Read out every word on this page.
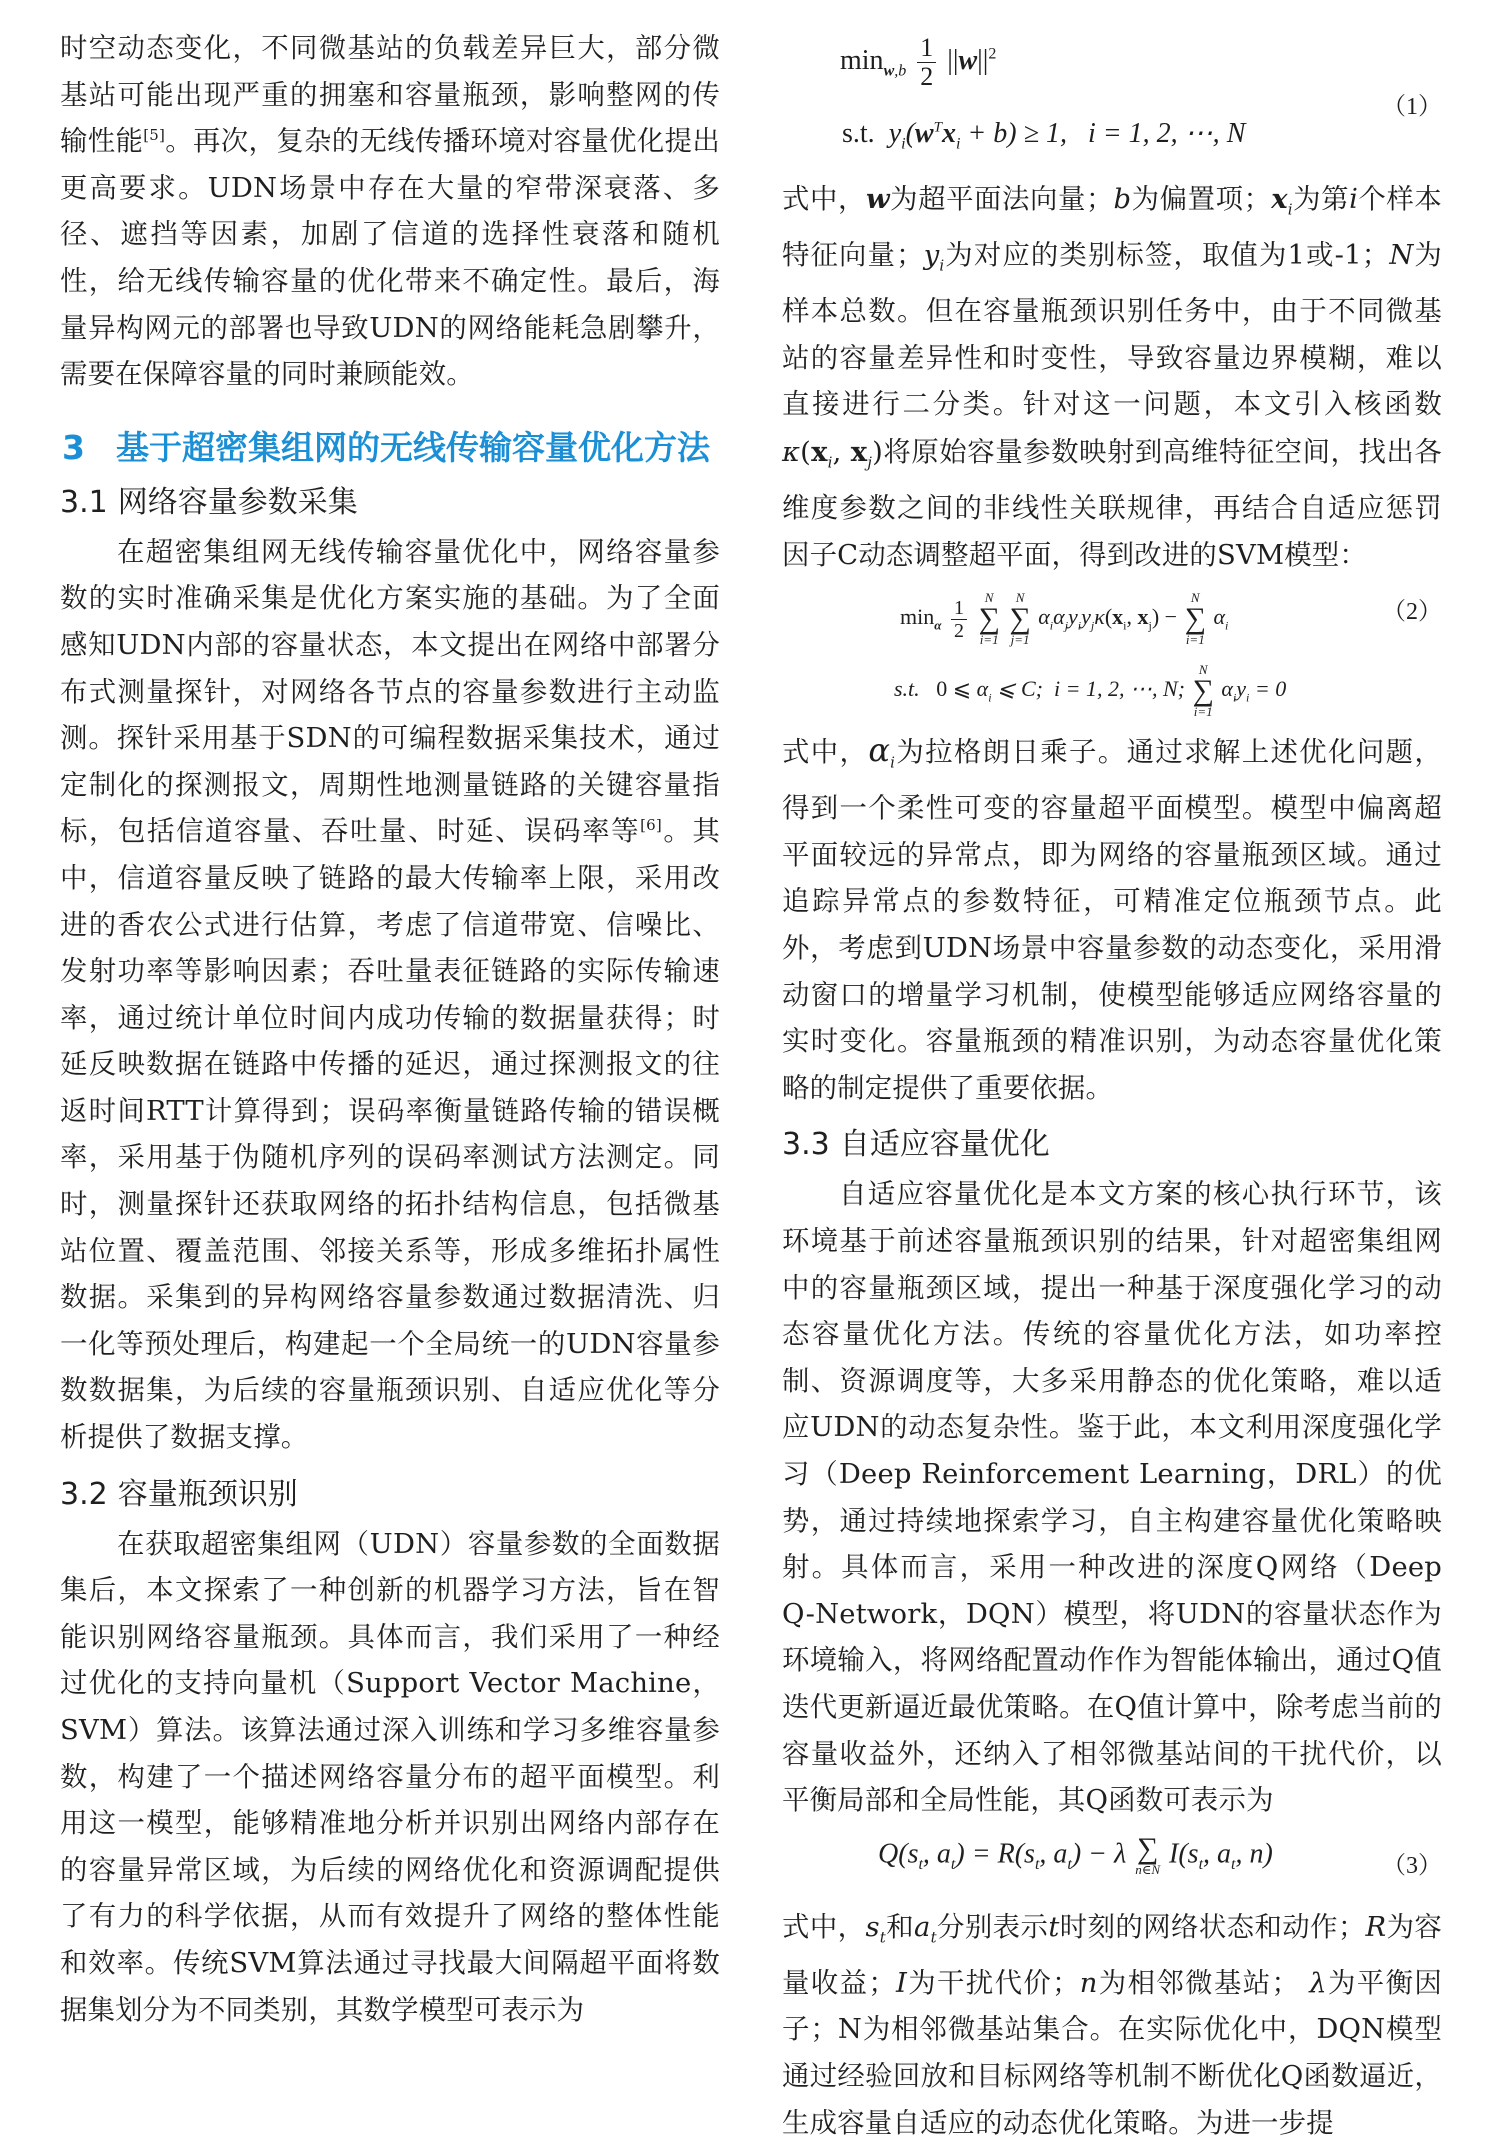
时空动态变化，不同微基站的负载差异巨大，部分微基站可能出现严重的拥塞和容量瓶颈，影响整网的传输性能[5]。再次，复杂的无线传播环境对容量优化提出更高要求。UDN场景中存在大量的窄带深衰落、多径、遮挡等因素，加剧了信道的选择性衰落和随机性，给无线传输容量的优化带来不确定性。最后，海量异构网元的部署也导致UDN的网络能耗急剧攀升，需要在保障容量的同时兼顾能效。

3 基于超密集组网的无线传输容量优化方法
3.1 网络容量参数采集

在超密集组网无线传输容量优化中，网络容量参数的实时准确采集是优化方案实施的基础。为了全面感知UDN内部的容量状态，本文提出在网络中部署分布式测量探针，对网络各节点的容量参数进行主动监测。探针采用基于SDN的可编程数据采集技术，通过定制化的探测报文，周期性地测量链路的关键容量指标，包括信道容量、吞吐量、时延、误码率等[6]。其中，信道容量反映了链路的最大传输率上限，采用改进的香农公式进行估算，考虑了信道带宽、信噪比、发射功率等影响因素；吞吐量表征链路的实际传输速率，通过统计单位时间内成功传输的数据量获得；时延反映数据在链路中传播的延迟，通过探测报文的往返时间RTT计算得到；误码率衡量链路传输的错误概率，采用基于伪随机序列的误码率测试方法测定。同时，测量探针还获取网络的拓扑结构信息，包括微基站位置、覆盖范围、邻接关系等，形成多维拓扑属性数据。采集到的异构网络容量参数通过数据清洗、归一化等预处理后，构建起一个全局统一的UDN容量参数数据集，为后续的容量瓶颈识别、自适应优化等分析提供了数据支撑。

3.2 容量瓶颈识别

在获取超密集组网（UDN）容量参数的全面数据集后，本文探索了一种创新的机器学习方法，旨在智能识别网络容量瓶颈。具体而言，我们采用了一种经过优化的支持向量机（Support Vector Machine，SVM）算法。该算法通过深入训练和学习多维容量参数，构建了一个描述网络容量分布的超平面模型。利用这一模型，能够精准地分析并识别出网络内部存在的容量异常区域，为后续的网络优化和资源调配提供了有力的科学依据，从而有效提升了网络的整体性能和效率。传统SVM算法通过寻找最大间隔超平面将数据集划分为不同类别，其数学模型可表示为

$\min_{w,b} \frac{1}{2} ||w||^2$
s.t. $y_i(w^Tx_i + b) \ge 1$,   i = 1, 2, ⋯, N
（1）

式中，w为超平面法向量；b为偏置项；$x_i$为第i个样本特征向量；$y_i$为对应的类别标签，取值为1或-1；N为样本总数。但在容量瓶颈识别任务中，由于不同微基站的容量差异性和时变性，导致容量边界模糊，难以直接进行二分类。针对这一问题，本文引入核函数$\kappa(x_i$, $x_j$)将原始容量参数映射到高维特征空间，找出各维度参数之间的非线性关联规律，再结合自适应惩罚因子C动态调整超平面，得到改进的SVM模型：

$\min_\alpha \frac{1}{2}$
	N
∑
i=1

N
∑
j=1
$\alpha_i\alpha_jy_iy_j\kappa(x_i$, $x_j$) −
N
∑
i=1
$\alpha_i$
s.t. 0 ⩽ $\alpha_i$ ⩽ C;  i = 1, 2, ⋯, N;
N
∑
i=1
$\alpha_iy_i = 0$
（2）

式中，$\alpha_i$为拉格朗日乘子。通过求解上述优化问题，得到一个柔性可变的容量超平面模型。模型中偏离超平面较远的异常点，即为网络的容量瓶颈区域。通过追踪异常点的参数特征，可精准定位瓶颈节点。此外，考虑到UDN场景中容量参数的动态变化，采用滑动窗口的增量学习机制，使模型能够适应网络容量的实时变化。容量瓶颈的精准识别，为动态容量优化策略的制定提供了重要依据。

3.3 自适应容量优化

自适应容量优化是本文方案的核心执行环节，该环境基于前述容量瓶颈识别的结果，针对超密集组网中的容量瓶颈区域，提出一种基于深度强化学习的动态容量优化方法。传统的容量优化方法，如功率控制、资源调度等，大多采用静态的优化策略，难以适应UDN的动态复杂性。鉴于此，本文利用深度强化学习（Deep Reinforcement Learning，DRL）的优势，通过持续地探索学习，自主构建容量优化策略映射。具体而言，采用一种改进的深度Q网络（Deep Q-Network，DQN）模型，将UDN的容量状态作为环境输入，将网络配置动作作为智能体输出，通过Q值迭代更新逼近最优策略。在Q值计算中，除考虑当前的容量收益外，还纳入了相邻微基站间的干扰代价，以平衡局部和全局性能，其Q函数可表示为

$Q(s_t$, $a_t) = R(s_t$, $a_t) - \lambda$ ∑
n∈N
$I(s_t$, $a_t$, n)	（3）

式中，$s_t$和$a_t$分别表示t时刻的网络状态和动作；R为容量收益；I为干扰代价；n为相邻微基站； λ为平衡因子；N为相邻微基站集合。在实际优化中，DQN模型通过经验回放和目标网络等机制不断优化Q函数逼近，生成容量自适应的动态优化策略。为进一步提
